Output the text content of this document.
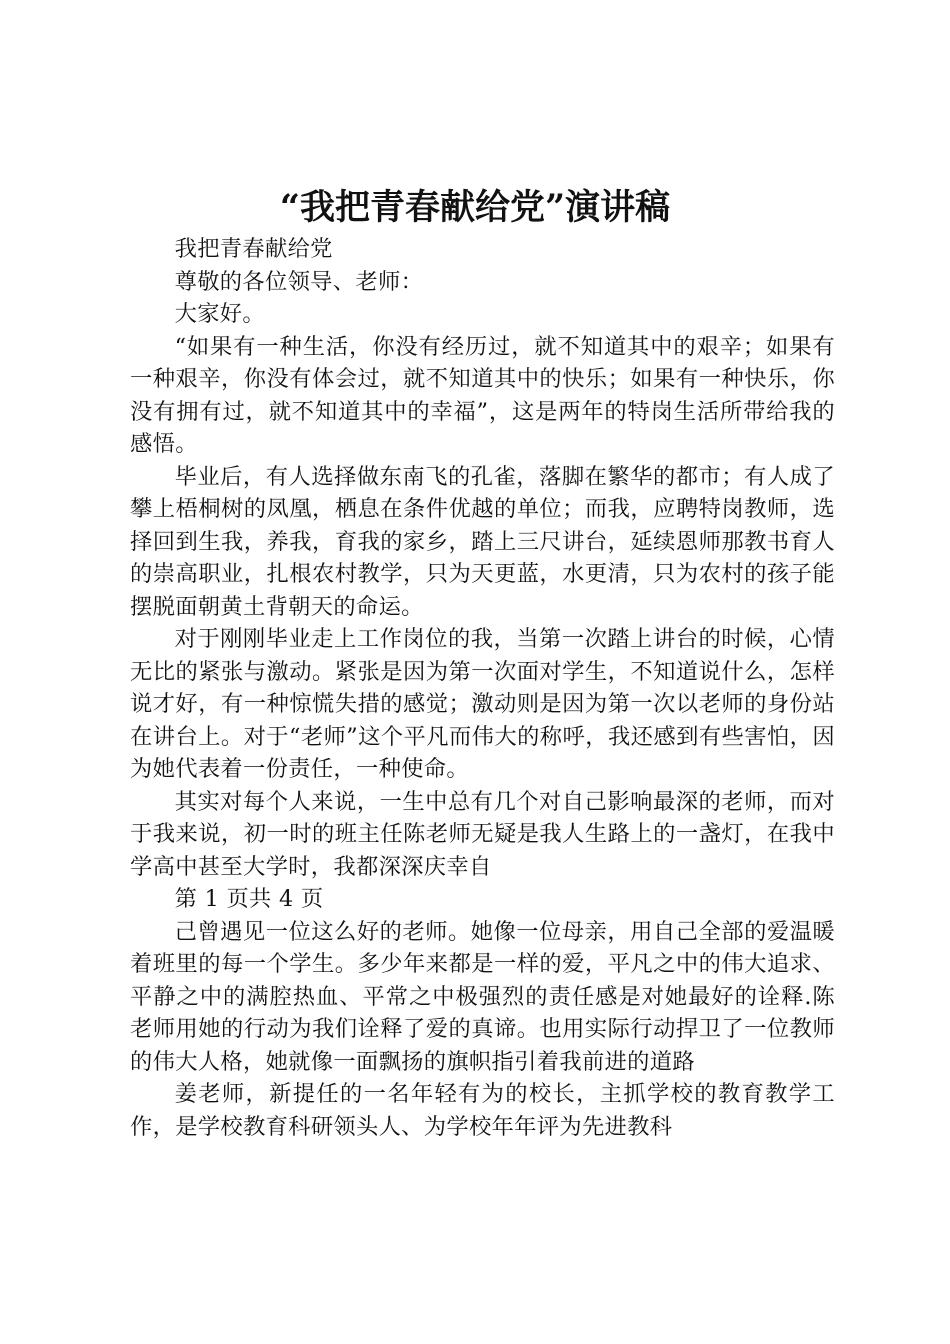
“我把青春献给党”演讲稿

我把青春献给党

尊敬的各位领导、老师：

大家好。

“如果有一种生活，你没有经历过，就不知道其中的艰辛；如果有一种艰辛，你没有体会过，就不知道其中的快乐；如果有一种快乐，你没有拥有过，就不知道其中的幸福”，这是两年的特岗生活所带给我的感悟。

毕业后，有人选择做东南飞的孔雀，落脚在繁华的都市；有人成了攀上梧桐树的凤凰，栖息在条件优越的单位；而我，应聘特岗教师，选择回到生我，养我，育我的家乡，踏上三尺讲台，延续恩师那教书育人的崇高职业，扎根农村教学，只为天更蓝，水更清，只为农村的孩子能摆脱面朝黄土背朝天的命运。

对于刚刚毕业走上工作岗位的我，当第一次踏上讲台的时候，心情无比的紧张与激动。紧张是因为第一次面对学生，不知道说什么，怎样说才好，有一种惊慌失措的感觉；激动则是因为第一次以老师的身份站在讲台上。对于“老师”这个平凡而伟大的称呼，我还感到有些害怕，因为她代表着一份责任，一种使命。

其实对每个人来说，一生中总有几个对自己影响最深的老师，而对于我来说，初一时的班主任陈老师无疑是我人生路上的一盏灯，在我中学高中甚至大学时，我都深深庆幸自

第 1 页共 4 页

己曾遇见一位这么好的老师。她像一位母亲，用自己全部的爱温暖着班里的每一个学生。多少年来都是一样的爱，平凡之中的伟大追求、平静之中的满腔热血、平常之中极强烈的责任感是对她最好的诠释.陈老师用她的行动为我们诠释了爱的真谛。也用实际行动捍卫了一位教师的伟大人格，她就像一面飘扬的旗帜指引着我前进的道路

姜老师，新提任的一名年轻有为的校长，主抓学校的教育教学工作，是学校教育科研领头人、为学校年年评为先进教科
